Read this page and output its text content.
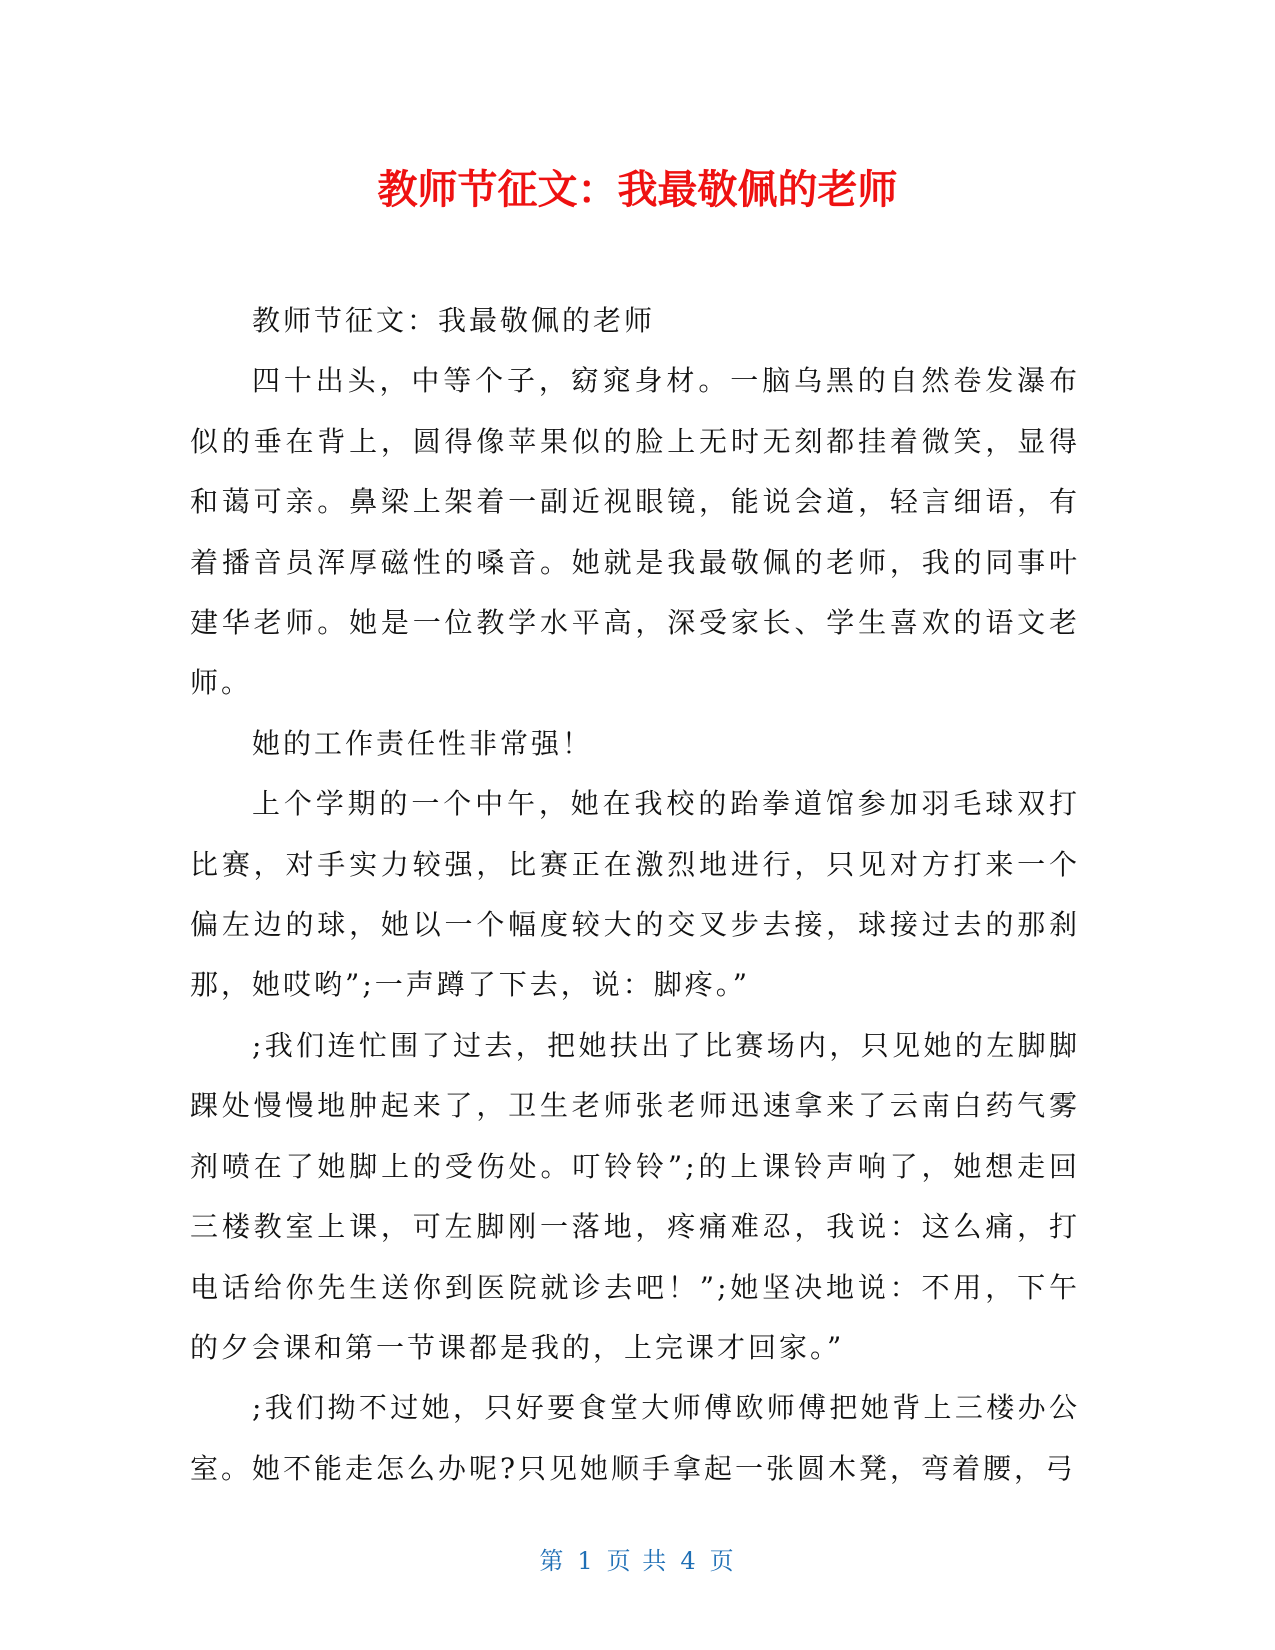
教师节征文：我最敬佩的老师

教师节征文：我最敬佩的老师

四十出头，中等个子，窈窕身材。一脑乌黑的自然卷发瀑布似的垂在背上，圆得像苹果似的脸上无时无刻都挂着微笑，显得和蔼可亲。鼻梁上架着一副近视眼镜，能说会道，轻言细语，有着播音员浑厚磁性的嗓音。她就是我最敬佩的老师，我的同事叶建华老师。她是一位教学水平高，深受家长、学生喜欢的语文老师。

她的工作责任性非常强！

上个学期的一个中午，她在我校的跆拳道馆参加羽毛球双打比赛，对手实力较强，比赛正在激烈地进行，只见对方打来一个偏左边的球，她以一个幅度较大的交叉步去接，球接过去的那刹那，她哎哟”;一声蹲了下去，说：脚疼。”

;我们连忙围了过去，把她扶出了比赛场内，只见她的左脚脚踝处慢慢地肿起来了，卫生老师张老师迅速拿来了云南白药气雾剂喷在了她脚上的受伤处。叮铃铃”;的上课铃声响了，她想走回三楼教室上课，可左脚刚一落地，疼痛难忍，我说：这么痛，打电话给你先生送你到医院就诊去吧！”;她坚决地说：不用，下午的夕会课和第一节课都是我的，上完课才回家。”

;我们拗不过她，只好要食堂大师傅欧师傅把她背上三楼办公室。她不能走怎么办呢?只见她顺手拿起一张圆木凳，弯着腰，弓

第 1 页 共 4 页
